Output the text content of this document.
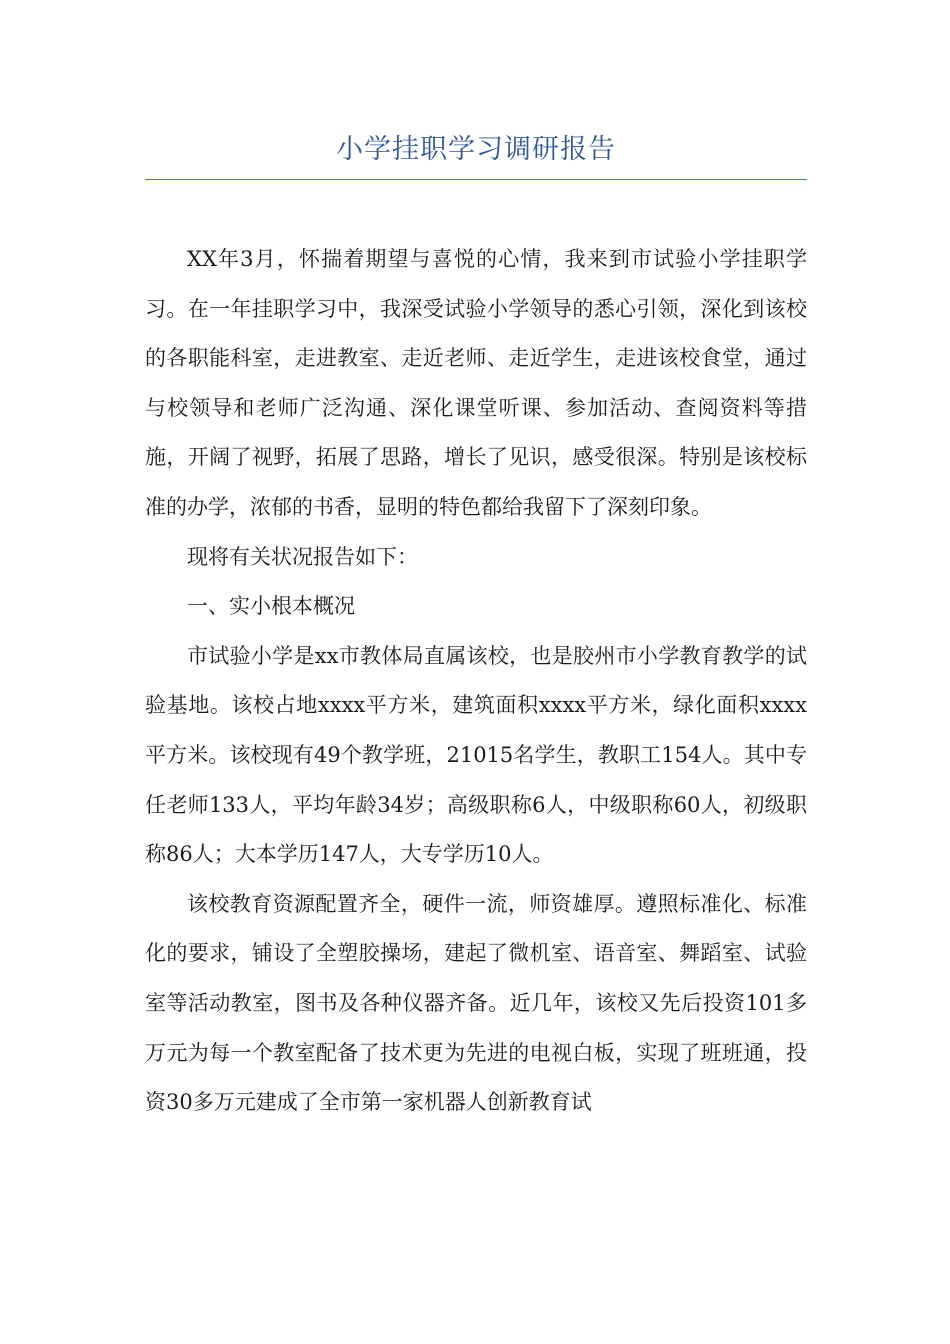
小学挂职学习调研报告

XX年3月，怀揣着期望与喜悦的心情，我来到市试验小学挂职学习。在一年挂职学习中，我深受试验小学领导的悉心引领，深化到该校的各职能科室，走进教室、走近老师、走近学生，走进该校食堂，通过与校领导和老师广泛沟通、深化课堂听课、参加活动、查阅资料等措施，开阔了视野，拓展了思路，增长了见识，感受很深。特别是该校标准的办学，浓郁的书香，显明的特色都给我留下了深刻印象。

现将有关状况报告如下：

一、实小根本概况

市试验小学是xx市教体局直属该校，也是胶州市小学教育教学的试验基地。该校占地xxxx平方米，建筑面积xxxx平方米，绿化面积xxxx平方米。该校现有49个教学班，21015名学生，教职工154人。其中专任老师133人，平均年龄34岁；高级职称6人，中级职称60人，初级职称86人；大本学历147人，大专学历10人。

该校教育资源配置齐全，硬件一流，师资雄厚。遵照标准化、标准化的要求，铺设了全塑胶操场，建起了微机室、语音室、舞蹈室、试验室等活动教室，图书及各种仪器齐备。近几年，该校又先后投资101多万元为每一个教室配备了技术更为先进的电视白板，实现了班班通，投资30多万元建成了全市第一家机器人创新教育试
